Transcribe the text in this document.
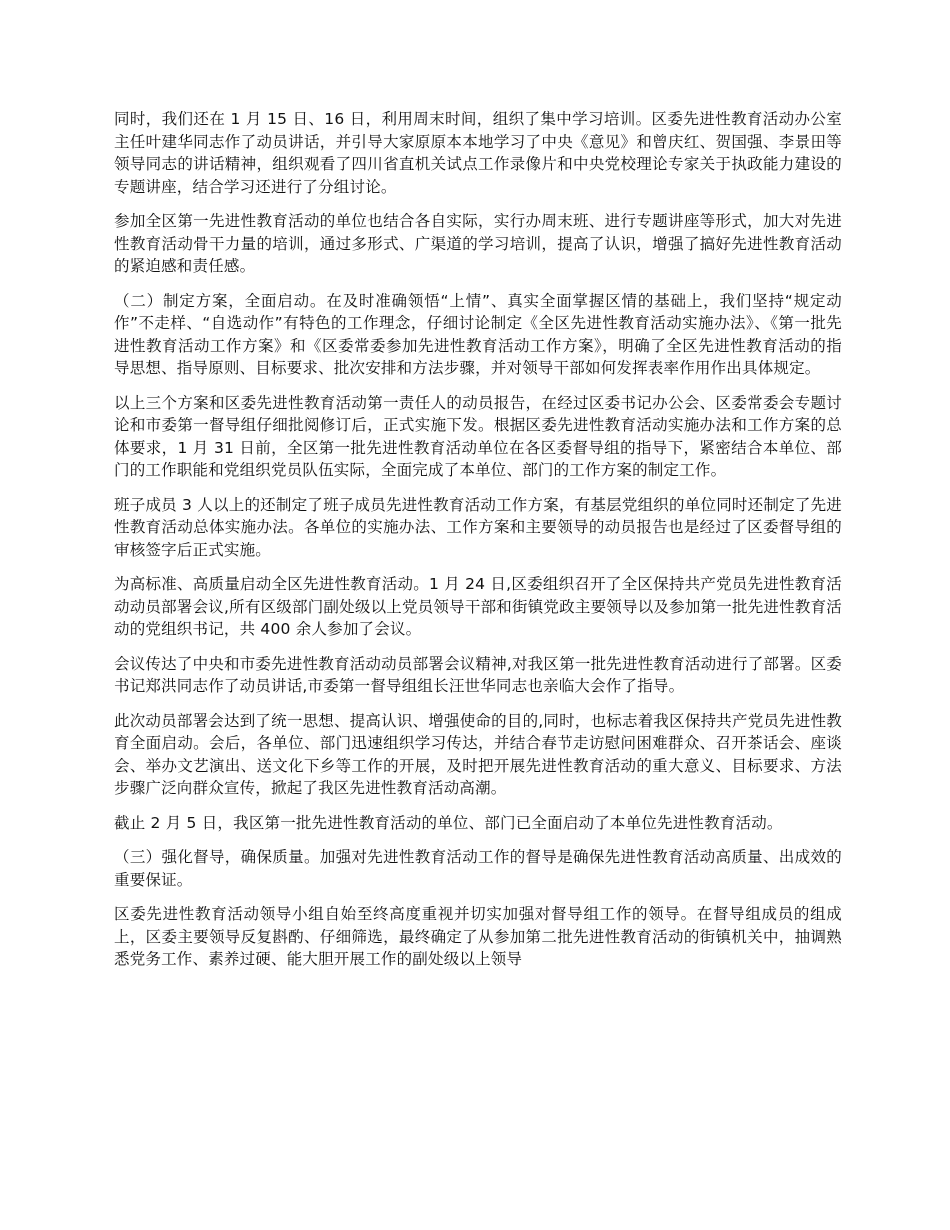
同时，我们还在 1 月 15 日、16 日，利用周末时间，组织了集中学习培训。区委先进性教育活动办公室主任叶建华同志作了动员讲话，并引导大家原原本本地学习了中央《意见》和曾庆红、贺国强、李景田等领导同志的讲话精神，组织观看了四川省直机关试点工作录像片和中央党校理论专家关于执政能力建设的专题讲座，结合学习还进行了分组讨论。

参加全区第一先进性教育活动的单位也结合各自实际，实行办周末班、进行专题讲座等形式，加大对先进性教育活动骨干力量的培训，通过多形式、广渠道的学习培训，提高了认识，增强了搞好先进性教育活动的紧迫感和责任感。

（二）制定方案，全面启动。在及时准确领悟“上情”、真实全面掌握区情的基础上，我们坚持“规定动作”不走样、“自选动作”有特色的工作理念，仔细讨论制定《全区先进性教育活动实施办法》、《第一批先进性教育活动工作方案》和《区委常委参加先进性教育活动工作方案》，明确了全区先进性教育活动的指导思想、指导原则、目标要求、批次安排和方法步骤，并对领导干部如何发挥表率作用作出具体规定。

以上三个方案和区委先进性教育活动第一责任人的动员报告，在经过区委书记办公会、区委常委会专题讨论和市委第一督导组仔细批阅修订后，正式实施下发。根据区委先进性教育活动实施办法和工作方案的总体要求，1 月 31 日前，全区第一批先进性教育活动单位在各区委督导组的指导下，紧密结合本单位、部门的工作职能和党组织党员队伍实际，全面完成了本单位、部门的工作方案的制定工作。

班子成员 3 人以上的还制定了班子成员先进性教育活动工作方案，有基层党组织的单位同时还制定了先进性教育活动总体实施办法。各单位的实施办法、工作方案和主要领导的动员报告也是经过了区委督导组的审核签字后正式实施。

为高标准、高质量启动全区先进性教育活动。1 月 24 日,区委组织召开了全区保持共产党员先进性教育活动动员部署会议,所有区级部门副处级以上党员领导干部和街镇党政主要领导以及参加第一批先进性教育活动的党组织书记，共 400 余人参加了会议。

会议传达了中央和市委先进性教育活动动员部署会议精神,对我区第一批先进性教育活动进行了部署。区委书记郑洪同志作了动员讲话,市委第一督导组组长汪世华同志也亲临大会作了指导。

此次动员部署会达到了统一思想、提高认识、增强使命的目的,同时，也标志着我区保持共产党员先进性教育全面启动。会后，各单位、部门迅速组织学习传达，并结合春节走访慰问困难群众、召开茶话会、座谈会、举办文艺演出、送文化下乡等工作的开展，及时把开展先进性教育活动的重大意义、目标要求、方法步骤广泛向群众宣传，掀起了我区先进性教育活动高潮。

截止 2 月 5 日，我区第一批先进性教育活动的单位、部门已全面启动了本单位先进性教育活动。

（三）强化督导，确保质量。加强对先进性教育活动工作的督导是确保先进性教育活动高质量、出成效的重要保证。

区委先进性教育活动领导小组自始至终高度重视并切实加强对督导组工作的领导。在督导组成员的组成上，区委主要领导反复斟酌、仔细筛选，最终确定了从参加第二批先进性教育活动的街镇机关中，抽调熟悉党务工作、素养过硬、能大胆开展工作的副处级以上领导
